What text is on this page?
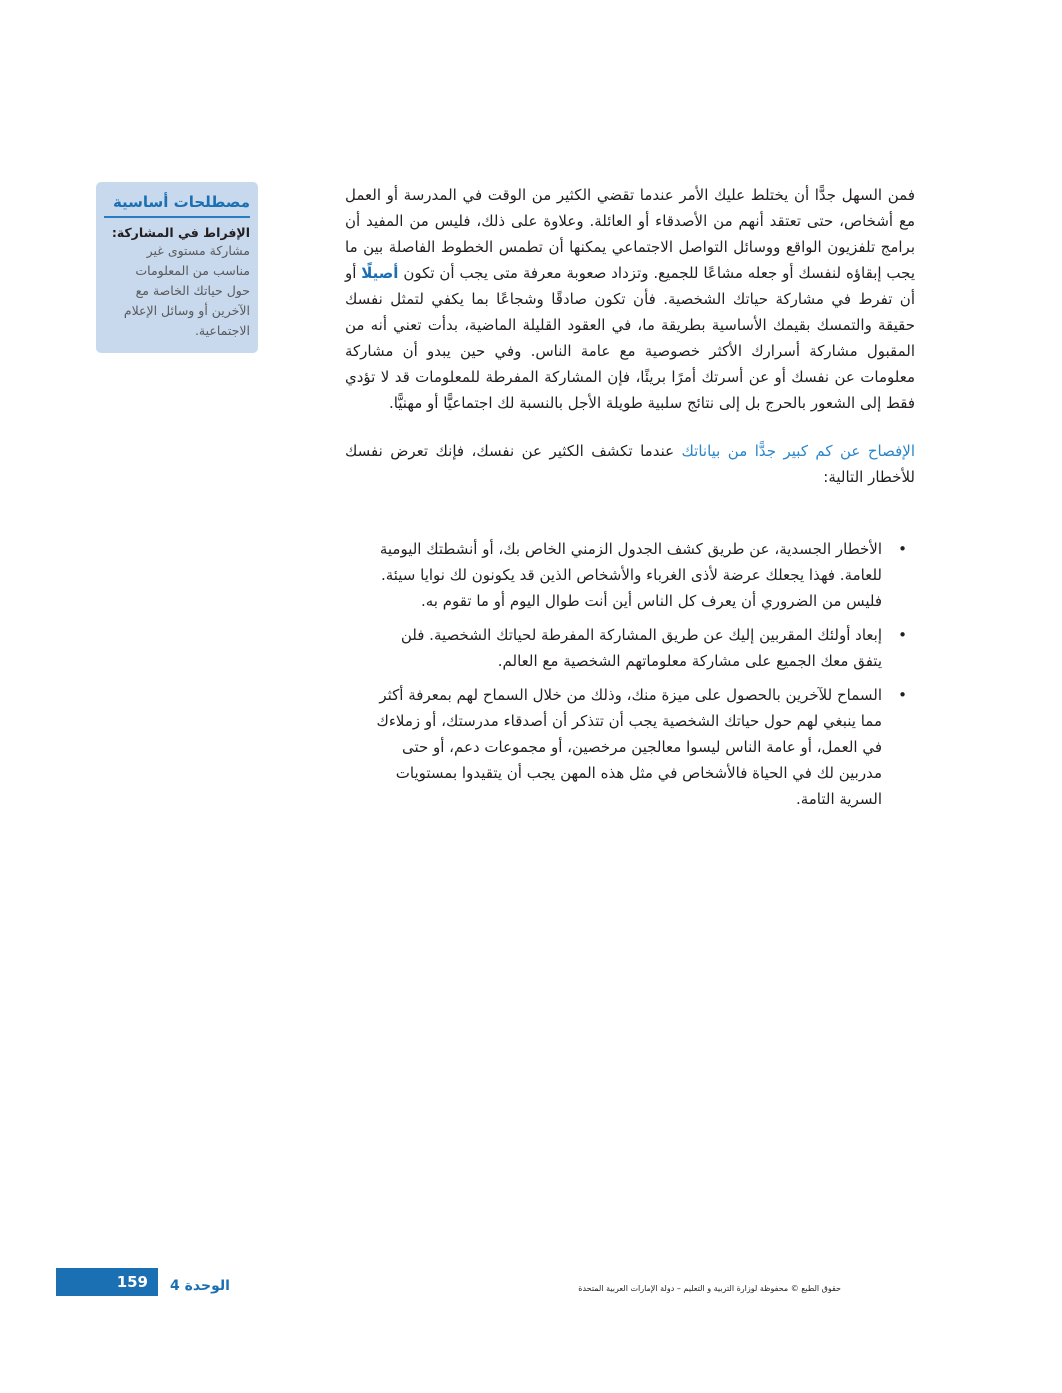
مصطلحات أساسية
الإفراط في المشاركة:
مشاركة مستوى غير
مناسب من المعلومات
حول حياتك الخاصة مع
الآخرين أو وسائل الإعلام
الاجتماعية.

فمن السهل جدًّا أن يختلط عليك الأمر عندما تقضي الكثير من الوقت في المدرسة أو العمل مع أشخاص، حتى تعتقد أنهم من الأصدقاء أو العائلة. وعلاوة على ذلك، فليس من المفيد أن برامج تلفزيون الواقع ووسائل التواصل الاجتماعي يمكنها أن تطمس الخطوط الفاصلة بين ما يجب إبقاؤه لنفسك أو جعله مشاعًا للجميع. وتزداد صعوبة معرفة متى يجب أن تكون أصيلًا أو أن تفرط في مشاركة حياتك الشخصية. فأن تكون صادقًا وشجاعًا بما يكفي لتمثل نفسك حقيقة والتمسك بقيمك الأساسية بطريقة ما، في العقود القليلة الماضية، بدأت تعني أنه من المقبول مشاركة أسرارك الأكثر خصوصية مع عامة الناس. وفي حين يبدو أن مشاركة معلومات عن نفسك أو عن أسرتك أمرًا بريئًا، فإن المشاركة المفرطة للمعلومات قد لا تؤدي فقط إلى الشعور بالحرج بل إلى نتائج سلبية طويلة الأجل بالنسبة لك اجتماعيًّا أو مهنيًّا.

الإفصاح عن كم كبير جدًّا من بياناتك عندما تكشف الكثير عن نفسك، فإنك تعرض نفسك للأخطار التالية:

•
الأخطار الجسدية، عن طريق كشف الجدول الزمني الخاص بك، أو أنشطتك اليومية للعامة. فهذا يجعلك عرضة لأذى الغرباء والأشخاص الذين قد يكونون لك نوايا سيئة. فليس من الضروري أن يعرف كل الناس أين أنت طوال اليوم أو ما تقوم به.
•
إبعاد أولئك المقربين إليك عن طريق المشاركة المفرطة لحياتك الشخصية. فلن يتفق معك الجميع على مشاركة معلوماتهم الشخصية مع العالم.
•
السماح للآخرين بالحصول على ميزة منك، وذلك من خلال السماح لهم بمعرفة أكثر مما ينبغي لهم حول حياتك الشخصية يجب أن تتذكر أن أصدقاء مدرستك، أو زملاءك في العمل، أو عامة الناس ليسوا معالجين مرخصين، أو مجموعات دعم، أو حتى مدربين لك في الحياة فالأشخاص في مثل هذه المهن يجب أن يتقيدوا بمستويات السرية التامة.
159	الوحدة 4	حقوق الطبع © محفوظة لوزارة التربية و التعليم – دولة الإمارات العربية المتحدة
